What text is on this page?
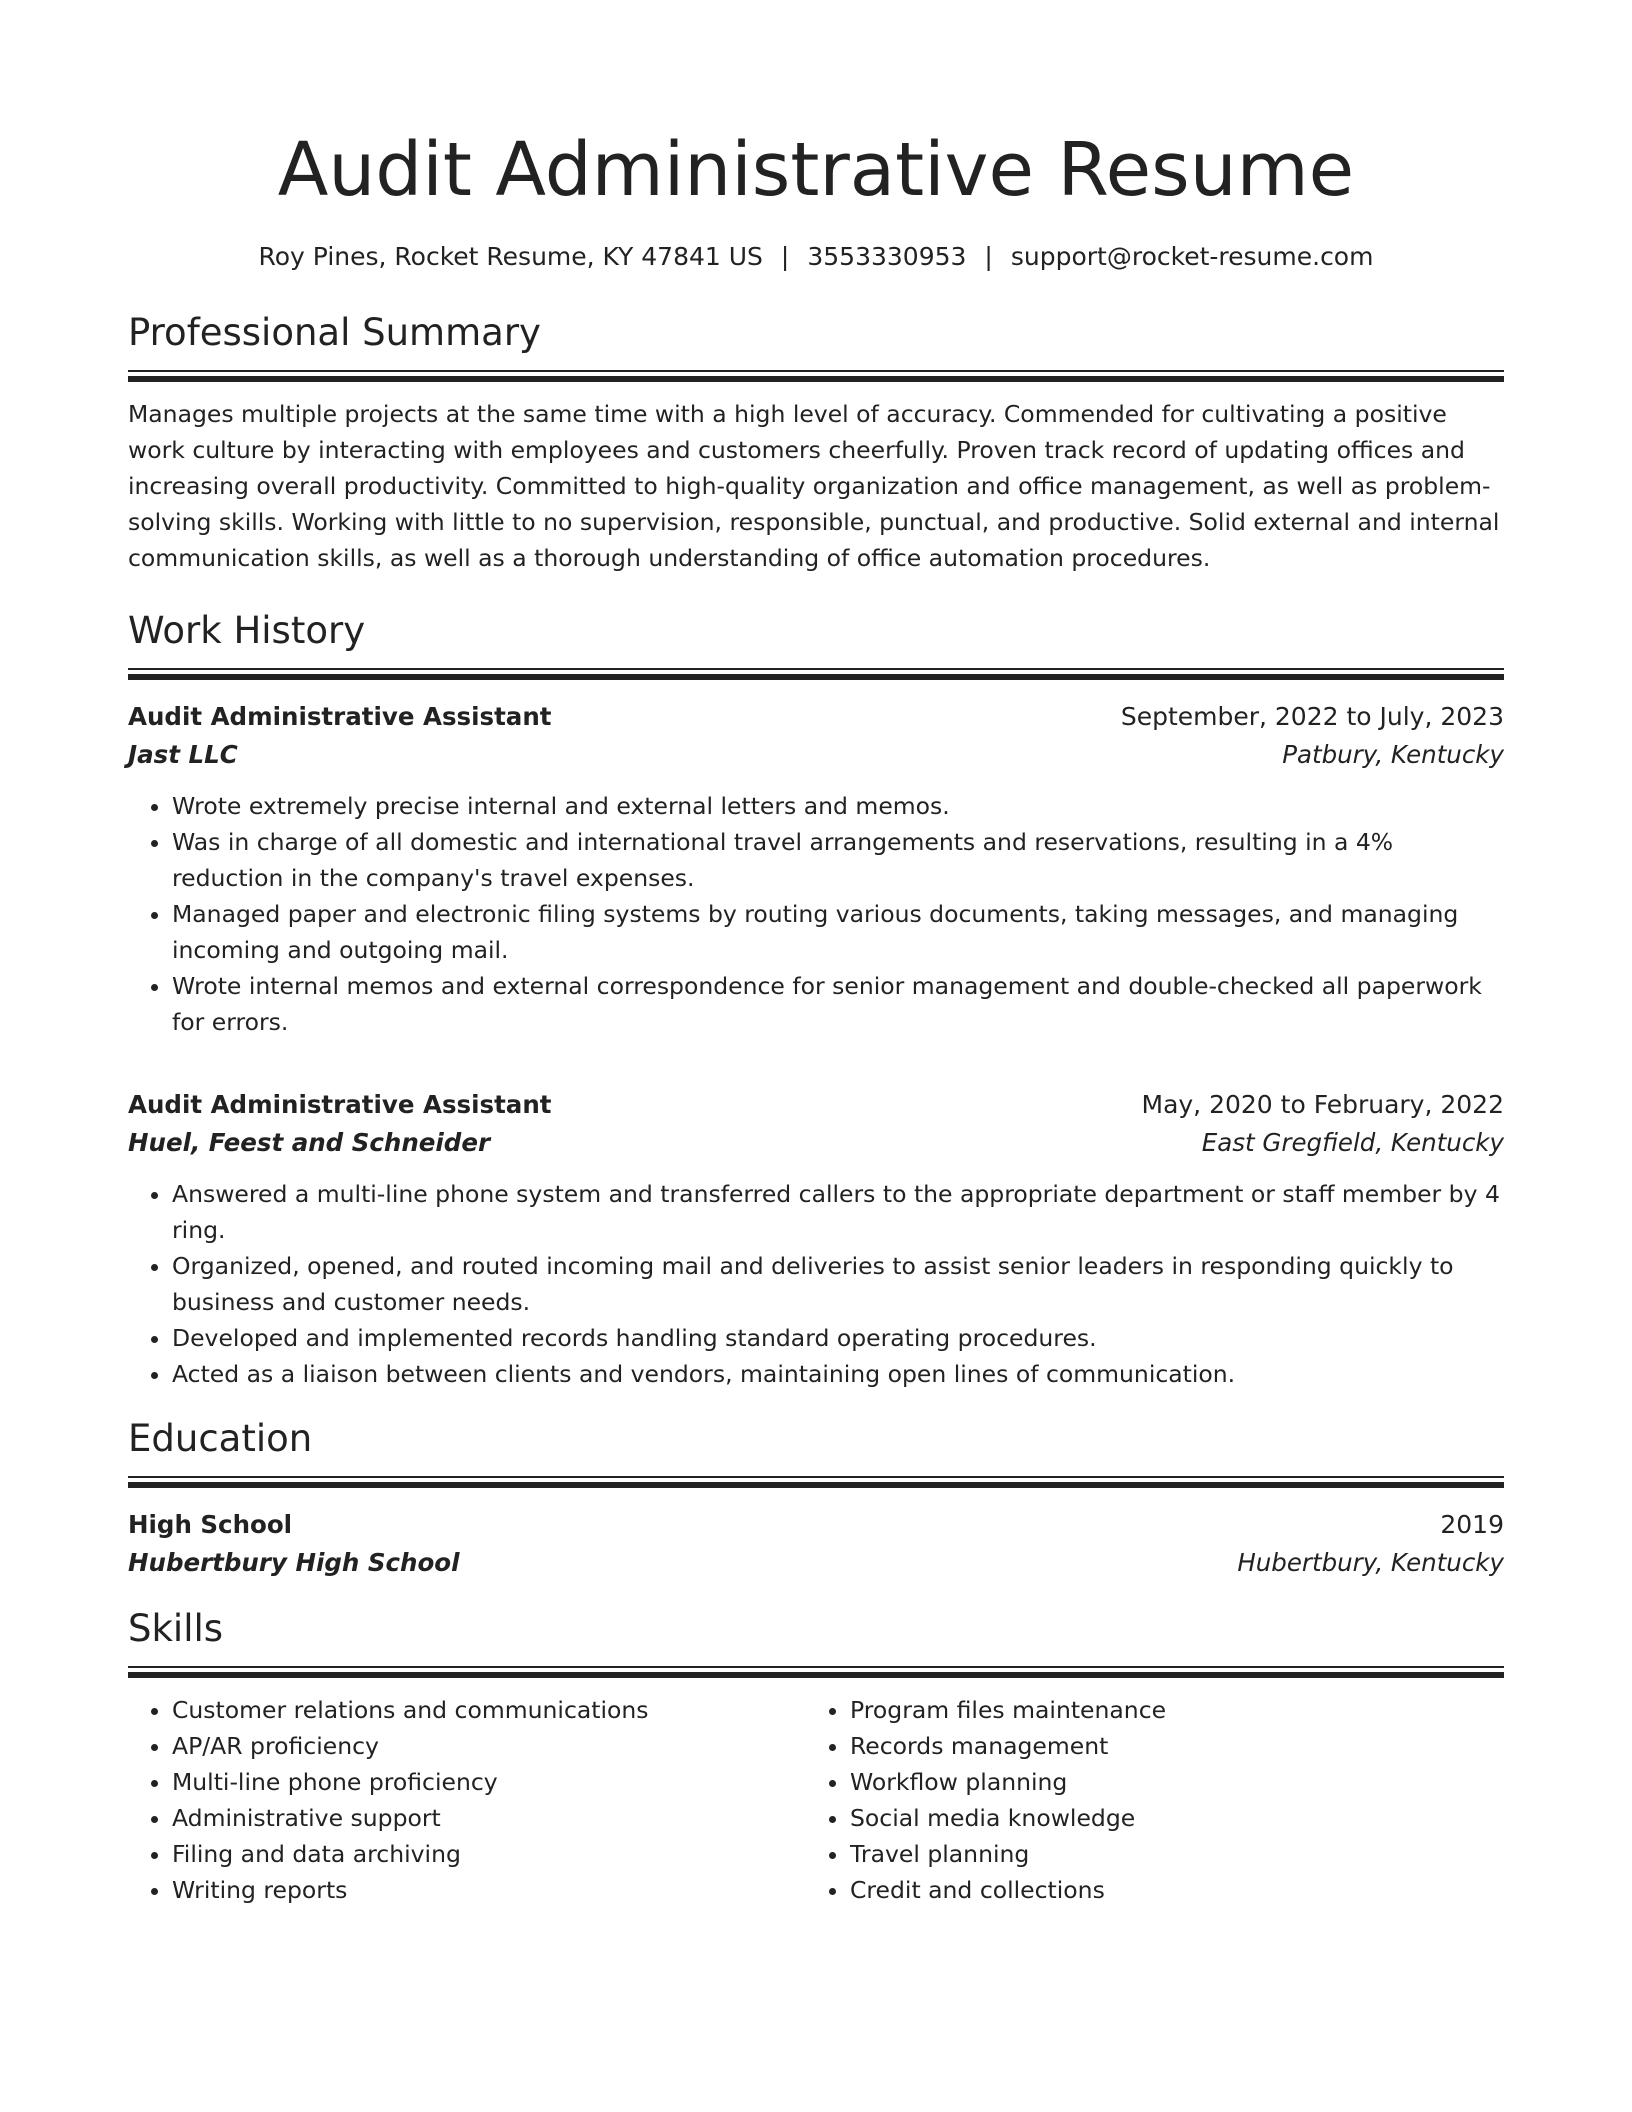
Audit Administrative Resume
Roy Pines, Rocket Resume, KY 47841 US | 3553330953 | support@rocket-resume.com
Professional Summary

Manages multiple projects at the same time with a high level of accuracy. Commended for cultivating a positive work culture by interacting with employees and customers cheerfully. Proven track record of updating offices and increasing overall productivity. Committed to high-quality organization and office management, as well as problem-solving skills. Working with little to no supervision, responsible, punctual, and productive. Solid external and internal communication skills, as well as a thorough understanding of office automation procedures.

Work History
Audit Administrative Assistant	September, 2022 to July, 2023
Jast LLC	Patbury, Kentucky
• Wrote extremely precise internal and external letters and memos.
• Was in charge of all domestic and international travel arrangements and reservations, resulting in a 4% reduction in the company's travel expenses.
• Managed paper and electronic filing systems by routing various documents, taking messages, and managing incoming and outgoing mail.
• Wrote internal memos and external correspondence for senior management and double-checked all paperwork for errors.
Audit Administrative Assistant	May, 2020 to February, 2022
Huel, Feest and Schneider	East Gregfield, Kentucky
• Answered a multi-line phone system and transferred callers to the appropriate department or staff member by 4 ring.
• Organized, opened, and routed incoming mail and deliveries to assist senior leaders in responding quickly to business and customer needs.
• Developed and implemented records handling standard operating procedures.
• Acted as a liaison between clients and vendors, maintaining open lines of communication.
Education
High School	2019
Hubertbury High School	Hubertbury, Kentucky
Skills
• Customer relations and communications
• AP/AR proficiency
• Multi-line phone proficiency
• Administrative support
• Filing and data archiving
• Writing reports
• Program files maintenance
• Records management
• Workflow planning
• Social media knowledge
• Travel planning
• Credit and collections
